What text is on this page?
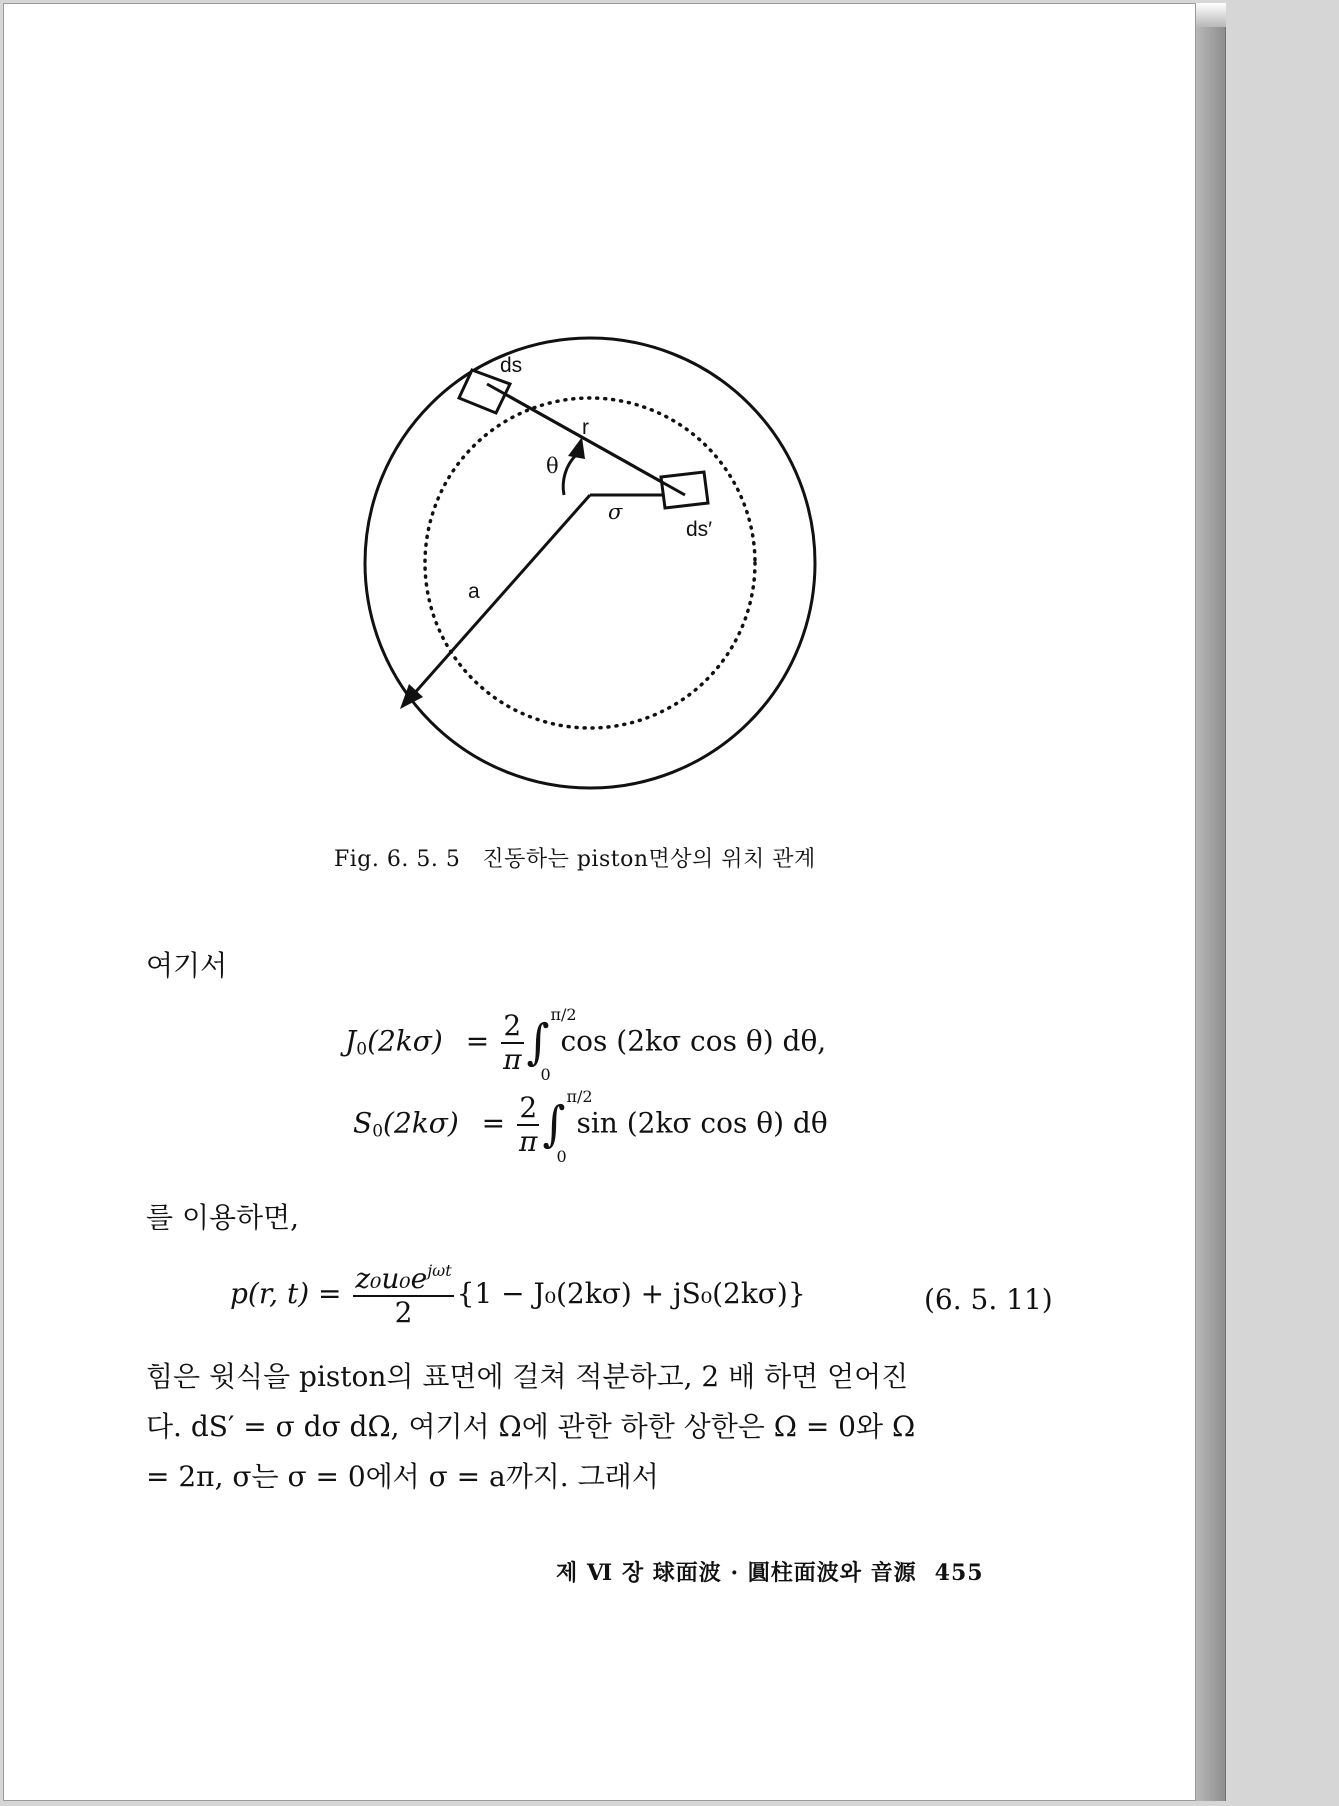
ds
r
θ
σ
ds′
a
Fig. 6. 5. 5 진동하는 piston면상의 위치 관계
여기서
$J_0(2k\sigma) = \frac{2}{\pi}$ ∫ π/2
0
cos (2kσ cos θ) dθ,
$S_0(2k\sigma) = \frac{2}{\pi}$ ∫ π/2
0
sin (2kσ cos θ) dθ
를 이용하면,
p(r, $t) = \frac{z_0u_0e^{j\omega t}}{2} \{1 - J_0(2k\sigma) + jS_0(2k\sigma)\}$	(6. 5. 11)
힘은 윗식을 piston의 표면에 걸쳐 적분하고, 2 배 하면 얻어진
다. dS′ = σ dσ dΩ, 여기서 Ω에 관한 하한 상한은 Ω = 0와 Ω
= 2π, σ는 σ = 0에서 σ = a까지. 그래서
제 Ⅵ 장 球面波 · 圓柱面波와 音源 455
